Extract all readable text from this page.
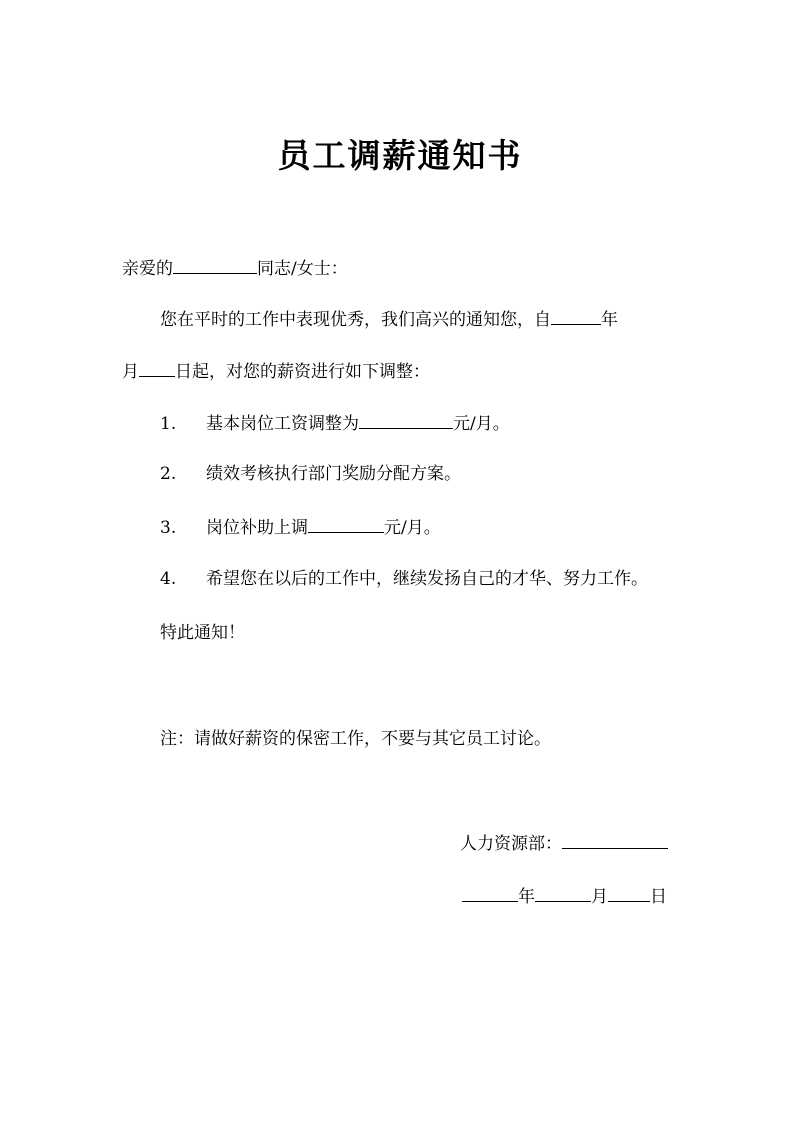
员工调薪通知书
亲爱的	同志/女士：
您在平时的工作中表现优秀，我们高兴的通知您，自	年
月 日起，对您的薪资进行如下调整：
1. 基本岗位工资调整为	元/月。
2. 绩效考核执行部门奖励分配方案。
3. 岗位补助上调	元/月。
4. 希望您在以后的工作中，继续发扬自己的才华、努力工作。
特此通知！
注：请做好薪资的保密工作，不要与其它员工讨论。
人力资源部：
年	月 日
